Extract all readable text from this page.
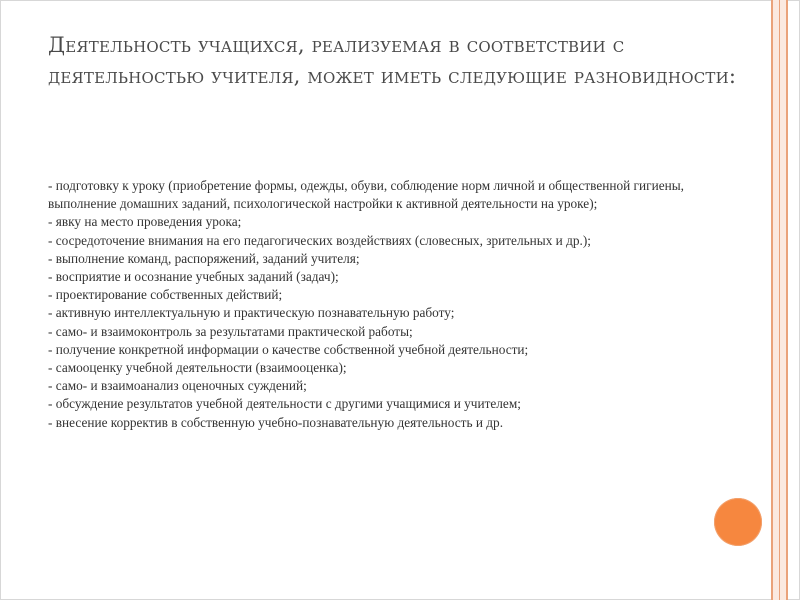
Деятельность учащихся, реализуемая в соответствии с деятельностью учителя, может иметь следующие разновидности:
- подготовку к уроку (приобретение формы, одежды, обуви, соблюдение норм личной и общественной гигиены, выполнение домашних заданий, психологической настройки к активной деятельности на уроке);
- явку на место проведения урока;
- сосредоточение внимания на его педагогических воздействиях (словесных, зрительных и др.);
- выполнение команд, распоряжений, заданий учителя;
- восприятие и осознание учебных заданий (задач);
- проектирование собственных действий;
- активную интеллектуальную и практическую познавательную работу;
- само- и взаимоконтроль за результатами практической работы;
- получение конкретной информации о качестве собственной учебной деятельности;
- самооценку учебной деятельности (взаимооценка);
- само- и взаимоанализ оценочных суждений;
- обсуждение результатов учебной деятельности с другими учащимися и учителем;
- внесение корректив в собственную учебно-познавательную деятельность и др.
